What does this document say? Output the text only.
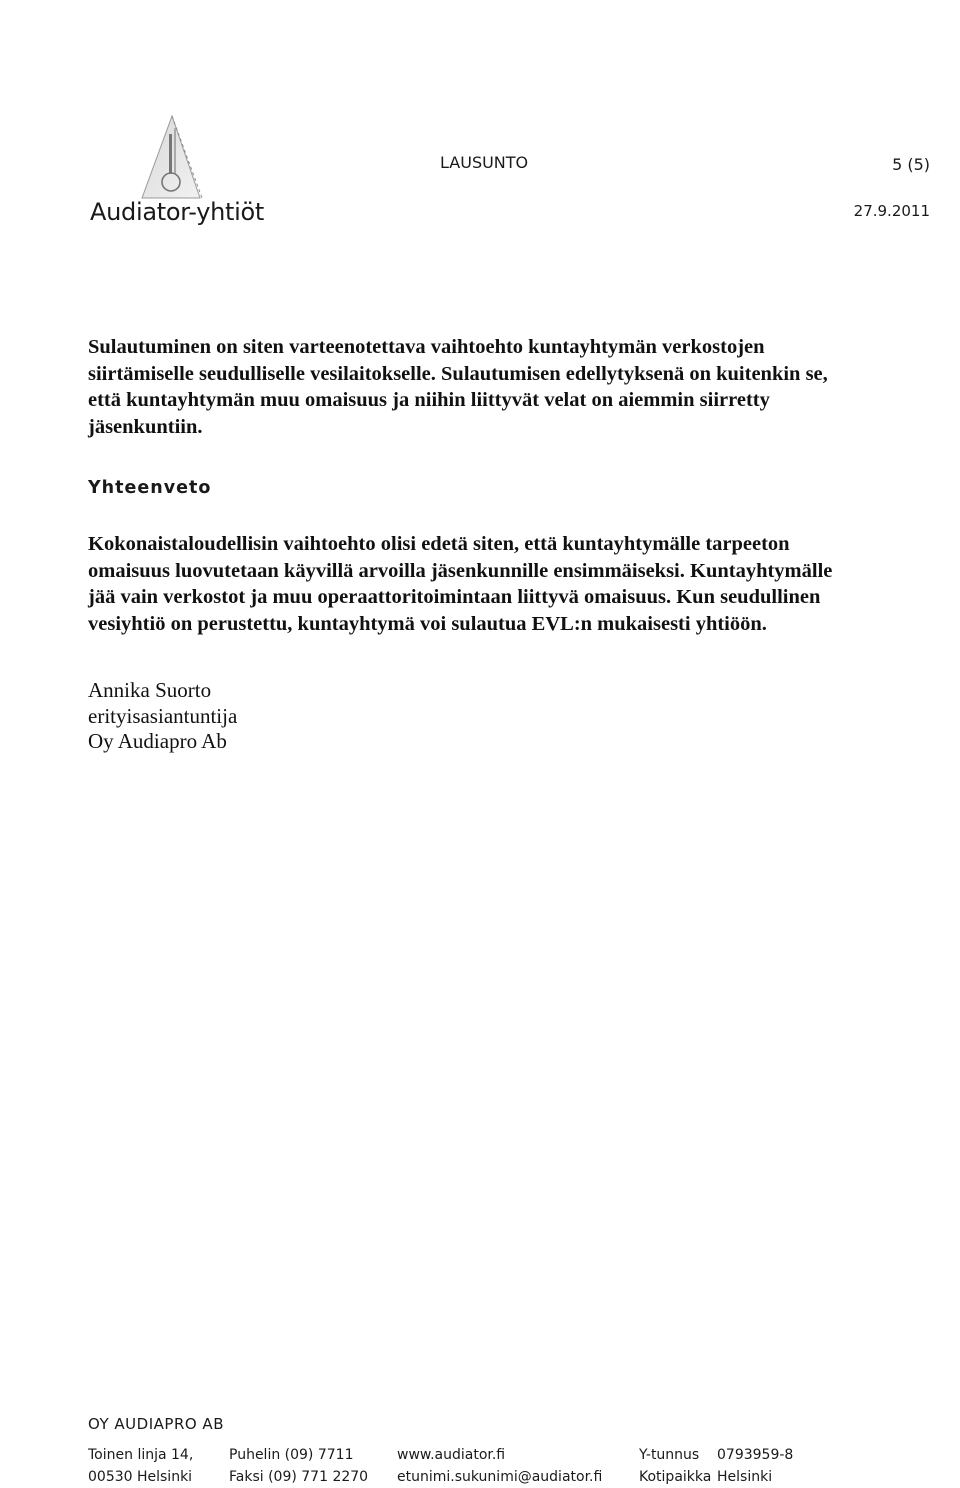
Audiator-yhtiöt
LAUSUNTO	5 (5)
27.9.2011
Sulautuminen on siten varteenotettava vaihtoehto kuntayhtymän verkostojen
siirtämiselle seudulliselle vesilaitokselle. Sulautumisen edellytyksenä on kuitenkin se,
että kuntayhtymän muu omaisuus ja niihin liittyvät velat on aiemmin siirretty
jäsenkuntiin.
Yhteenveto
Kokonaistaloudellisin vaihtoehto olisi edetä siten, että kuntayhtymälle tarpeeton
omaisuus luovutetaan käyvillä arvoilla jäsenkunnille ensimmäiseksi. Kuntayhtymälle
jää vain verkostot ja muu operaattoritoimintaan liittyvä omaisuus. Kun seudullinen
vesiyhtiö on perustettu, kuntayhtymä voi sulautua EVL:n mukaisesti yhtiöön.
Annika Suorto
erityisasiantuntija
Oy Audiapro Ab
OY AUDIAPRO AB
Toinen linja 14,
00530 Helsinki
Puhelin (09) 7711
Faksi (09) 771 2270
www.audiator.fi
etunimi.sukunimi@audiator.fi
Y-tunnus 0793959-8
Kotipaikka Helsinki
